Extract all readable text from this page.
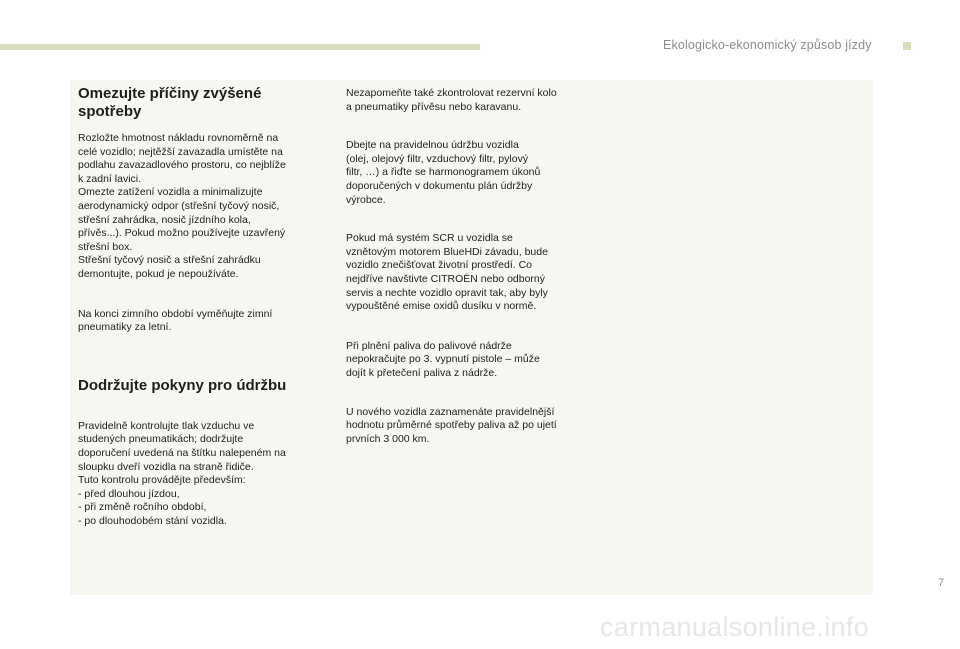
Ekologicko-ekonomický způsob jízdy
Omezujte příčiny zvýšené
spotřeby

Rozložte hmotnost nákladu rovnoměrně na
celé vozidlo; nejtěžší zavazadla umístěte na
podlahu zavazadlového prostoru, co nejblíže
k zadní lavici.
Omezte zatížení vozidla a minimalizujte
aerodynamický odpor (střešní tyčový nosič,
střešní zahrádka, nosič jízdního kola,
přívěs...). Pokud možno používejte uzavřený
střešní box.
Střešní tyčový nosič a střešní zahrádku
demontujte, pokud je nepoužíváte.

Na konci zimního období vyměňujte zimní
pneumatiky za letní.

Dodržujte pokyny pro údržbu

Pravidelně kontrolujte tlak vzduchu ve
studených pneumatikách; dodržujte
doporučení uvedená na štítku nalepeném na
sloupku dveří vozidla na straně řidiče.
Tuto kontrolu provádějte především:
- před dlouhou jízdou,
- při změně ročního období,
- po dlouhodobém stání vozidla.

Nezapomeňte také zkontrolovat rezervní kolo
a pneumatiky přívěsu nebo karavanu.

Dbejte na pravidelnou údržbu vozidla
(olej, olejový filtr, vzduchový filtr, pylový
filtr, …) a řiďte se harmonogramem úkonů
doporučených v dokumentu plán údržby
výrobce.

Pokud má systém SCR u vozidla se
vznětovým motorem BlueHDi závadu, bude
vozidlo znečišťovat životní prostředí. Co
nejdříve navštivte CITROËN nebo odborný
servis a nechte vozidlo opravit tak, aby byly
vypouštěné emise oxidů dusíku v normě.

Při plnění paliva do palivové nádrže
nepokračujte po 3. vypnutí pistole – může
dojít k přetečení paliva z nádrže.

U nového vozidla zaznamenáte pravidelnější
hodnotu průměrné spotřeby paliva až po ujetí
prvních 3 000 km.

7
carmanualsonline.info
